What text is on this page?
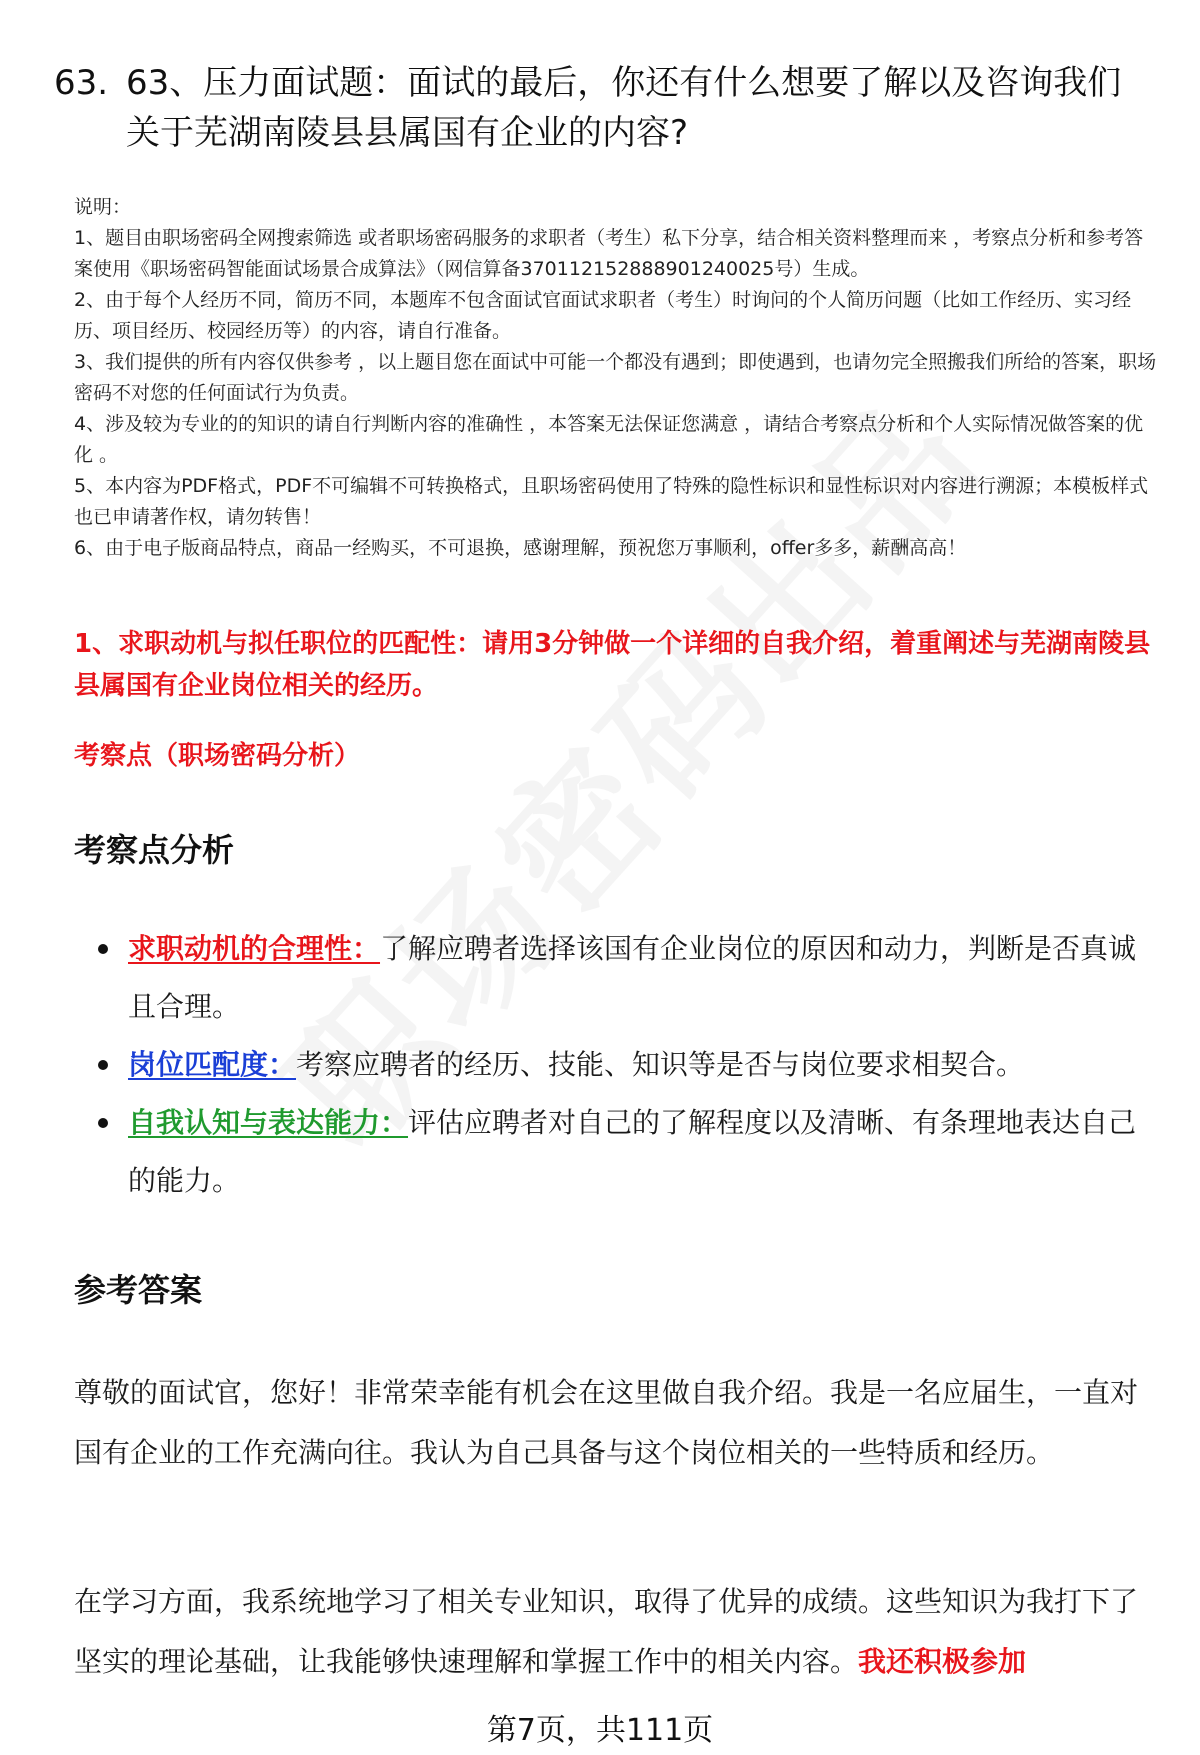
63. 63、压力面试题：面试的最后，你还有什么想要了解以及咨询我们关于芜湖南陵县县属国有企业的内容?

说明：

1、题目由职场密码全网搜索筛选 或者职场密码服务的求职者（考生）私下分享，结合相关资料整理而来 ，考察点分析和参考答案使用《职场密码智能面试场景合成算法》（网信算备370112152888901240025号）生成。

2、由于每个人经历不同，简历不同，本题库不包含面试官面试求职者（考生）时询问的个人简历问题（比如工作经历、实习经历、项目经历、校园经历等）的内容，请自行准备。

3、我们提供的所有内容仅供参考 ，以上题目您在面试中可能一个都没有遇到；即使遇到，也请勿完全照搬我们所给的答案，职场密码不对您的任何面试行为负责。

4、涉及较为专业的的知识的请自行判断内容的准确性 ，本答案无法保证您满意 ，请结合考察点分析和个人实际情况做答案的优化 。

5、本内容为PDF格式，PDF不可编辑不可转换格式，且职场密码使用了特殊的隐性标识和显性标识对内容进行溯源；本模板样式也已申请著作权，请勿转售！

6、由于电子版商品特点，商品一经购买，不可退换，感谢理解，预祝您万事顺利，offer多多，薪酬高高！

1、求职动机与拟任职位的匹配性：请用3分钟做一个详细的自我介绍，着重阐述与芜湖南陵县县属国有企业岗位相关的经历。
考察点（职场密码分析）
考察点分析
求职动机的合理性：了解应聘者选择该国有企业岗位的原因和动力，判断是否真诚且合理。
岗位匹配度：考察应聘者的经历、技能、知识等是否与岗位要求相契合。
自我认知与表达能力：评估应聘者对自己的了解程度以及清晰、有条理地表达自己的能力。
参考答案

尊敬的面试官，您好！非常荣幸能有机会在这里做自我介绍。我是一名应届生，一直对国有企业的工作充满向往。我认为自己具备与这个岗位相关的一些特质和经历。

在学习方面，我系统地学习了相关专业知识，取得了优异的成绩。这些知识为我打下了坚实的理论基础，让我能够快速理解和掌握工作中的相关内容。我还积极参加

第7页，共111页
